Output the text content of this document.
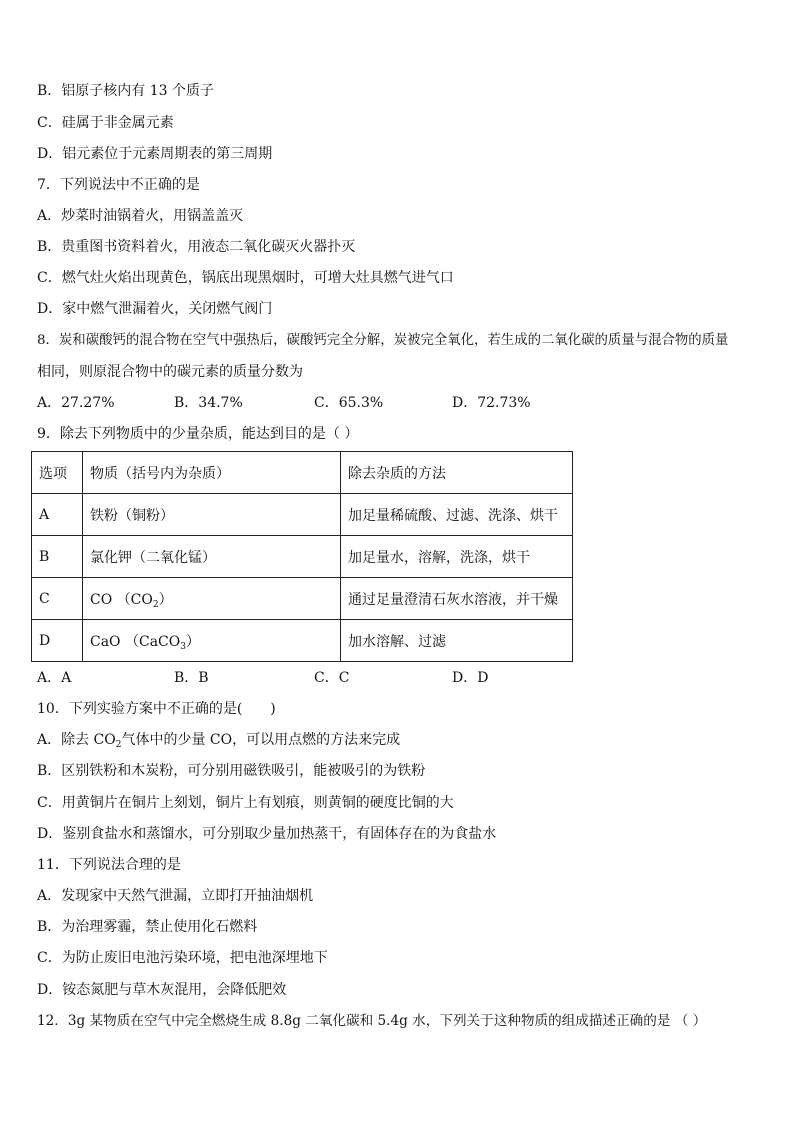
B．铝原子核内有 13 个质子
C．硅属于非金属元素
D．铝元素位于元素周期表的第三周期
7．下列说法中不正确的是
A．炒菜时油锅着火，用锅盖盖灭
B．贵重图书资料着火，用液态二氧化碳灭火器扑灭
C．燃气灶火焰出现黄色，锅底出现黑烟时，可增大灶具燃气进气口
D．家中燃气泄漏着火，关闭燃气阀门
8．炭和碳酸钙的混合物在空气中强热后，碳酸钙完全分解，炭被完全氧化，若生成的二氧化碳的质量与混合物的质量
相同，则原混合物中的碳元素的质量分数为
A．27.27%	B．34.7%	C．65.3%	D．72.73%
9．除去下列物质中的少量杂质，能达到目的是（ ）
选项	物质（括号内为杂质）	除去杂质的方法
A	铁粉（铜粉）	加足量稀硫酸、过滤、洗涤、烘干
B	氯化钾（二氧化锰）	加足量水，溶解，洗涤，烘干
C	CO $(CO_2)$	通过足量澄清石灰水溶液，并干燥
D	CaO （CaCO$_3$）	加水溶解、过滤
A．A	B．B	C．C	D．D
10．下列实验方案中不正确的是(　　)
A．除去 $CO_2$气体中的少量 CO，可以用点燃的方法来完成
B．区别铁粉和木炭粉，可分别用磁铁吸引，能被吸引的为铁粉
C．用黄铜片在铜片上刻划，铜片上有划痕，则黄铜的硬度比铜的大
D．鉴别食盐水和蒸馏水，可分别取少量加热蒸干，有固体存在的为食盐水
11．下列说法合理的是
A．发现家中天然气泄漏，立即打开抽油烟机
B．为治理雾霾，禁止使用化石燃料
C．为防止废旧电池污染环境，把电池深埋地下
D．铵态氮肥与草木灰混用，会降低肥效
12．3g 某物质在空气中完全燃烧生成 8.8g 二氧化碳和 5.4g 水，下列关于这种物质的组成描述正确的是 （ ）
